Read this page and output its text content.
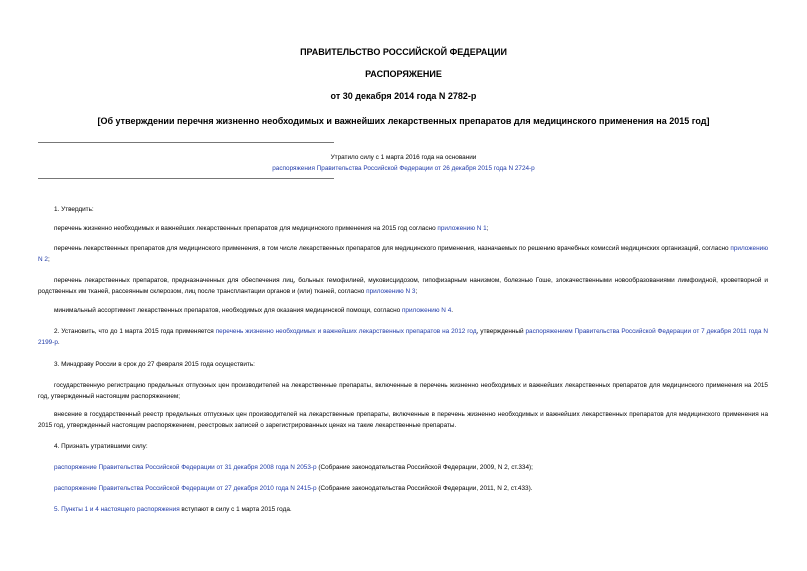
ПРАВИТЕЛЬСТВО РОССИЙСКОЙ ФЕДЕРАЦИИ
РАСПОРЯЖЕНИЕ
от 30 декабря 2014 года N 2782-р
[Об утверждении перечня жизненно необходимых и важнейших лекарственных препаратов для медицинского применения на 2015 год]
Утратило силу с 1 марта 2016 года на основании
распоряжения Правительства Российской Федерации от 26 декабря 2015 года N 2724-р
1. Утвердить:
перечень жизненно необходимых и важнейших лекарственных препаратов для медицинского применения на 2015 год согласно приложению N 1;
перечень лекарственных препаратов для медицинского применения, в том числе лекарственных препаратов для медицинского применения, назначаемых по решению врачебных комиссий медицинских организаций, согласно приложению N 2;
перечень лекарственных препаратов, предназначенных для обеспечения лиц, больных гемофилией, муковисцидозом, гипофизарным нанизмом, болезнью Гоше, злокачественными новообразованиями лимфоидной, кроветворной и родственных им тканей, рассеянным склерозом, лиц после трансплантации органов и (или) тканей, согласно приложению N 3;
минимальный ассортимент лекарственных препаратов, необходимых для оказания медицинской помощи, согласно приложению N 4.
2. Установить, что до 1 марта 2015 года применяется перечень жизненно необходимых и важнейших лекарственных препаратов на 2012 год, утвержденный распоряжением Правительства Российской Федерации от 7 декабря 2011 года N 2199-р.
3. Минздраву России в срок до 27 февраля 2015 года осуществить:
государственную регистрацию предельных отпускных цен производителей на лекарственные препараты, включенные в перечень жизненно необходимых и важнейших лекарственных препаратов для медицинского применения на 2015 год, утвержденный настоящим распоряжением;
внесение в государственный реестр предельных отпускных цен производителей на лекарственные препараты, включенные в перечень жизненно необходимых и важнейших лекарственных препаратов для медицинского применения на 2015 год, утвержденный настоящим распоряжением, реестровых записей о зарегистрированных ценах на такие лекарственные препараты.
4. Признать утратившими силу:
распоряжение Правительства Российской Федерации от 31 декабря 2008 года N 2053-р (Собрание законодательства Российской Федерации, 2009, N 2, ст.334);
распоряжение Правительства Российской Федерации от 27 декабря 2010 года N 2415-р (Собрание законодательства Российской Федерации, 2011, N 2, ст.433).
5. Пункты 1 и 4 настоящего распоряжения вступают в силу с 1 марта 2015 года.
